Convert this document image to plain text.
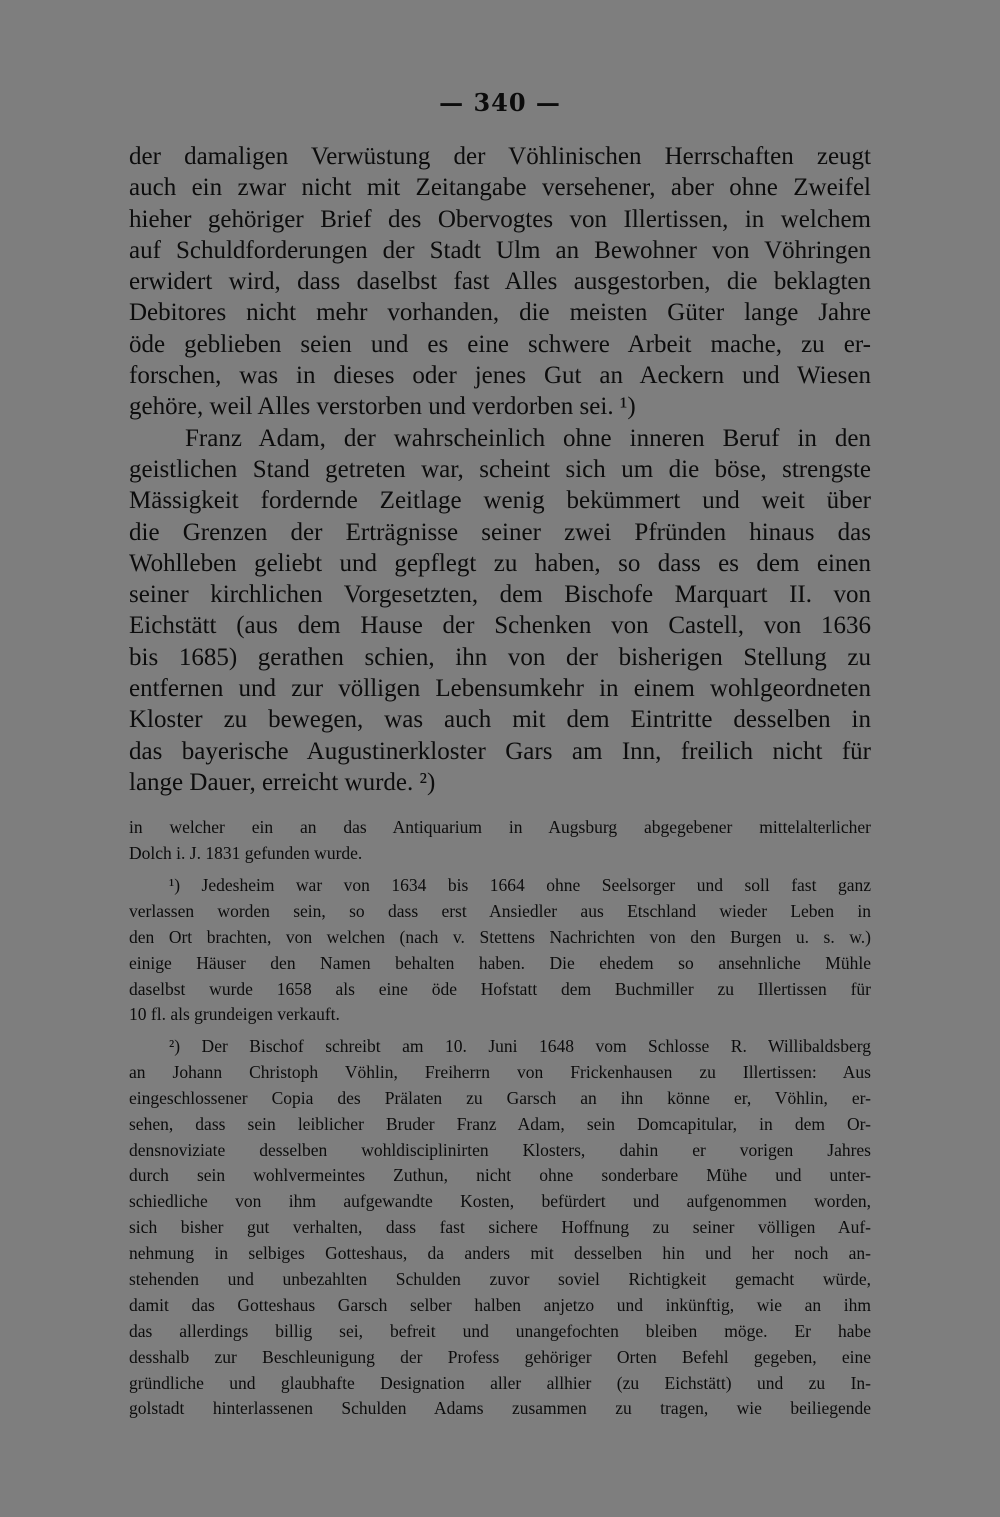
— 340 —
der damaligen Verwüstung der Vöhlinischen Herrschaften zeugt
auch ein zwar nicht mit Zeitangabe versehener, aber ohne Zweifel
hieher gehöriger Brief des Obervogtes von Illertissen, in welchem
auf Schuldforderungen der Stadt Ulm an Bewohner von Vöhringen
erwidert wird, dass daselbst fast Alles ausgestorben, die beklagten
Debitores nicht mehr vorhanden, die meisten Güter lange Jahre
öde geblieben seien und es eine schwere Arbeit mache, zu er-
forschen, was in dieses oder jenes Gut an Aeckern und Wiesen
gehöre, weil Alles verstorben und verdorben sei. ¹)
Franz Adam, der wahrscheinlich ohne inneren Beruf in den
geistlichen Stand getreten war, scheint sich um die böse, strengste
Mässigkeit fordernde Zeitlage wenig bekümmert und weit über
die Grenzen der Erträgnisse seiner zwei Pfründen hinaus das
Wohlleben geliebt und gepflegt zu haben, so dass es dem einen
seiner kirchlichen Vorgesetzten, dem Bischofe Marquart II. von
Eichstätt (aus dem Hause der Schenken von Castell, von 1636
bis 1685) gerathen schien, ihn von der bisherigen Stellung zu
entfernen und zur völligen Lebensumkehr in einem wohlgeordneten
Kloster zu bewegen, was auch mit dem Eintritte desselben in
das bayerische Augustinerkloster Gars am Inn, freilich nicht für
lange Dauer, erreicht wurde. ²)
in welcher ein an das Antiquarium in Augsburg abgegebener mittelalterlicher
Dolch i. J. 1831 gefunden wurde.
¹) Jedesheim war von 1634 bis 1664 ohne Seelsorger und soll fast ganz
verlassen worden sein, so dass erst Ansiedler aus Etschland wieder Leben in
den Ort brachten, von welchen (nach v. Stettens Nachrichten von den Burgen u. s. w.)
einige Häuser den Namen behalten haben. Die ehedem so ansehnliche Mühle
daselbst wurde 1658 als eine öde Hofstatt dem Buchmiller zu Illertissen für
10 fl. als grundeigen verkauft.
²) Der Bischof schreibt am 10. Juni 1648 vom Schlosse R. Willibaldsberg
an Johann Christoph Vöhlin, Freiherrn von Frickenhausen zu Illertissen: Aus
eingeschlossener Copia des Prälaten zu Garsch an ihn könne er, Vöhlin, er-
sehen, dass sein leiblicher Bruder Franz Adam, sein Domcapitular, in dem Or-
densnoviziate desselben wohldisciplinirten Klosters, dahin er vorigen Jahres
durch sein wohlvermeintes Zuthun, nicht ohne sonderbare Mühe und unter-
schiedliche von ihm aufgewandte Kosten, befürdert und aufgenommen worden,
sich bisher gut verhalten, dass fast sichere Hoffnung zu seiner völligen Auf-
nehmung in selbiges Gotteshaus, da anders mit desselben hin und her noch an-
stehenden und unbezahlten Schulden zuvor soviel Richtigkeit gemacht würde,
damit das Gotteshaus Garsch selber halben anjetzo und inkünftig, wie an ihm
das allerdings billig sei, befreit und unangefochten bleiben möge. Er habe
desshalb zur Beschleunigung der Profess gehöriger Orten Befehl gegeben, eine
gründliche und glaubhafte Designation aller allhier (zu Eichstätt) und zu In-
golstadt hinterlassenen Schulden Adams zusammen zu tragen, wie beiliegende
